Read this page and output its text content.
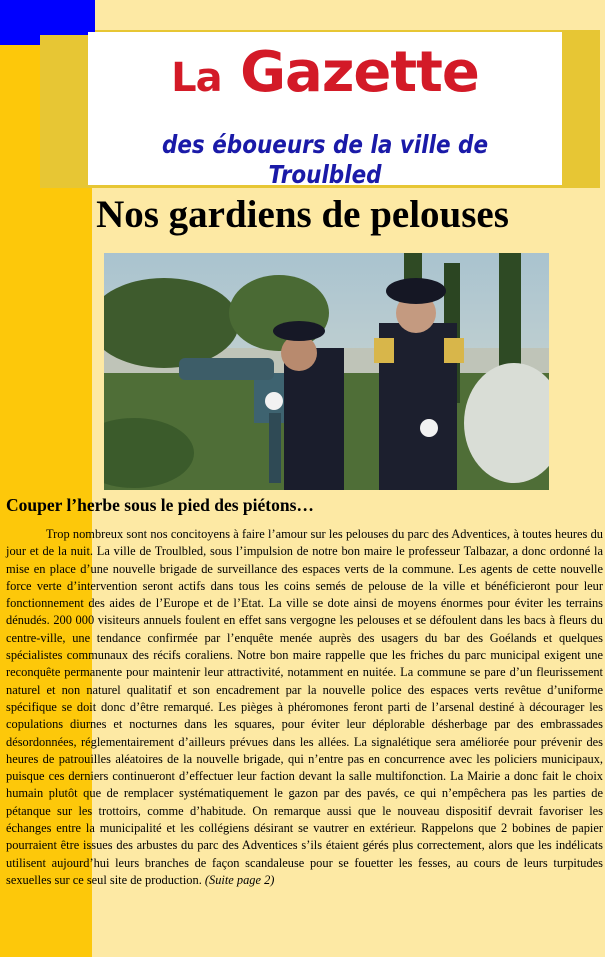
La Gazette
des éboueurs de la ville de Troulbled
Nos gardiens de pelouses
Couper l’herbe sous le pied des piétons…

Trop nombreux sont nos concitoyens à faire l’amour sur les pelouses du parc des Adventices, à toutes heures du jour et de la nuit. La ville de Troulbled, sous l’impulsion de notre bon maire le professeur Talbazar, a donc ordonné la mise en place d’une nouvelle brigade de surveillance des espaces verts de la commune. Les agents de cette nouvelle force verte d’intervention seront actifs dans tous les coins semés de pelouse de la ville et bénéficieront pour leur fonctionnement des aides de l’Europe et de l’Etat. La ville se dote ainsi de moyens énormes pour éviter les terrains dénudés. 200 000 visiteurs annuels foulent en effet sans vergogne les pelouses et se défoulent dans les bacs à fleurs du centre-ville, une tendance confirmée par l’enquête menée auprès des usagers du bar des Goélands et quelques spécialistes communaux des récifs coraliens. Notre bon maire rappelle que les friches du parc municipal exigent une reconquête permanente pour maintenir leur attractivité, notamment en nuitée. La commune se pare d’un fleurissement naturel et non naturel qualitatif et son encadrement par la nouvelle police des espaces verts revêtue d’uniforme spécifique se doit donc d’être remarqué. Les pièges à phéromones feront parti de l’arsenal destiné à décourager les copulations diurnes et nocturnes dans les squares, pour éviter leur déplorable désherbage par des embrassades désordonnées, réglementairement d’ailleurs prévues dans les allées. La signalétique sera améliorée pour prévenir des heures de patrouilles aléatoires de la nouvelle brigade, qui n’entre pas en concurrence avec les policiers municipaux, puisque ces derniers continueront d’effectuer leur faction devant la salle multifonction. La Mairie a donc fait le choix humain plutôt que de remplacer systématiquement le gazon par des pavés, ce qui n’empêchera pas les parties de pétanque sur les trottoirs, comme d’habitude. On remarque aussi que le nouveau dispositif devrait favoriser les échanges entre la municipalité et les collégiens désirant se vautrer en extérieur. Rappelons que 2 bobines de papier pourraient être issues des arbustes du parc des Adventices s’ils étaient gérés plus correctement, alors que les indélicats utilisent aujourd’hui leurs branches de façon scandaleuse pour se fouetter les fesses, au cours de leurs turpitudes sexuelles sur ce seul site de production. (Suite page 2)
